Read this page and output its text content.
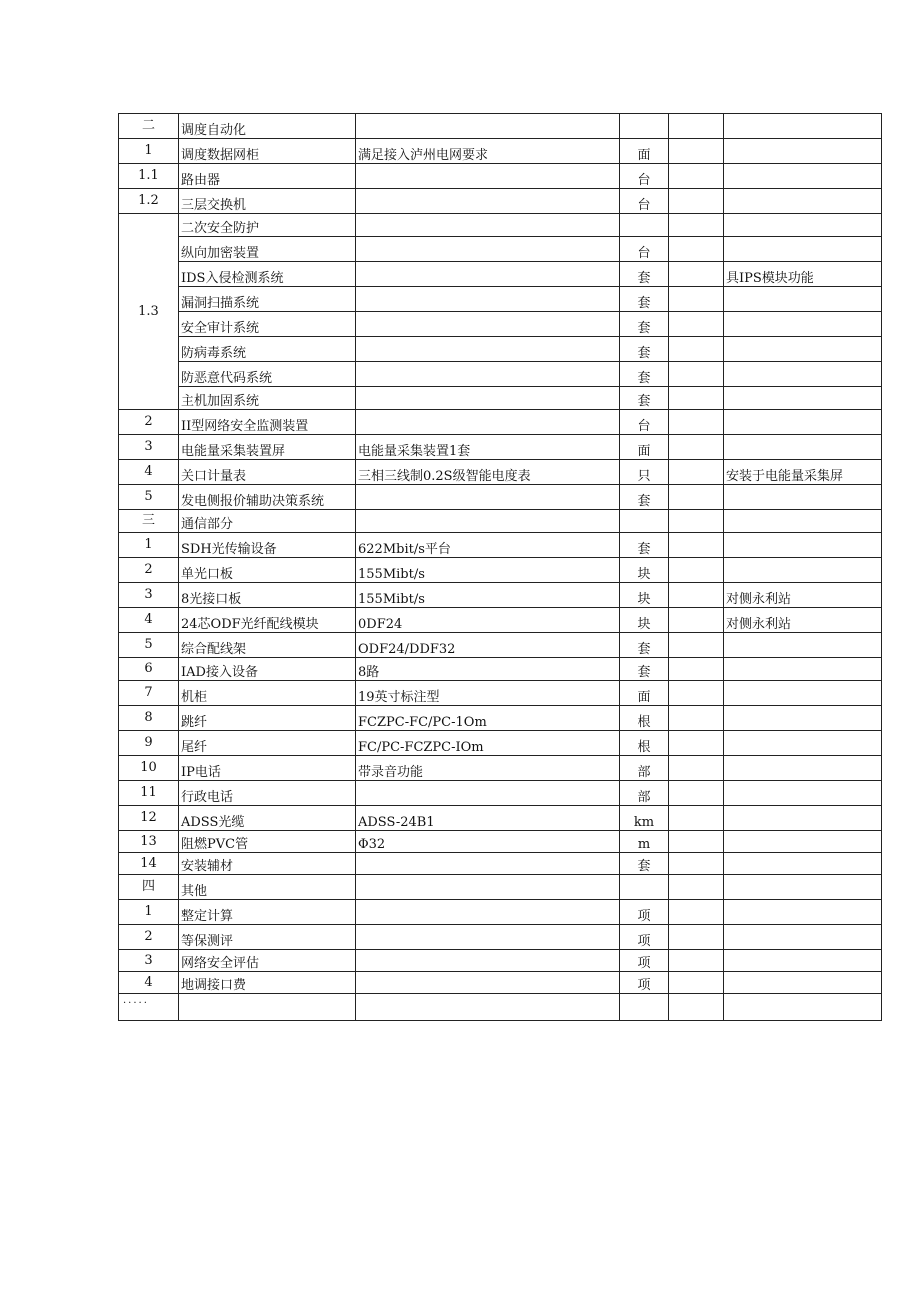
二	调度自动化				
1	调度数据网柜	满足接入泸州电网要求	面		
1.1	路由器		台		
1.2	三层交换机		台		
1.3	二次安全防护				
	纵向加密装置		台		
	IDS入侵检测系统		套		具IPS模块功能
	漏洞扫描系统		套		
	安全审计系统		套		
	防病毒系统		套		
	防恶意代码系统		套		
	主机加固系统		套		
2	II型网络安全监测装置		台		
3	电能量采集装置屏	电能量采集装置1套	面		
4	关口计量表	三相三线制0.2S级智能电度表	只		安装于电能量采集屏
5	发电侧报价辅助决策系统		套		
三	通信部分				
1	SDH光传输设备	622Mbit/s平台	套		
2	单光口板	155Mibt/s	块		
3	8光接口板	155Mibt/s	块		对侧永利站
4	24芯ODF光纤配线模块	0DF24	块		对侧永利站
5	综合配线架	ODF24/DDF32	套		
6	IAD接入设备	8路	套		
7	机柜	19英寸标注型	面		
8	跳纤	FCZPC-FC/PC-1Om	根		
9	尾纤	FC/PC-FCZPC-IOm	根		
10	IP电话	带录音功能	部		
11	行政电话		部		
12	ADSS光缆	ADSS-24B1	km		
13	阻燃PVC管	Φ32	m		
14	安装辅材		套		
四	其他				
1	整定计算		项		
2	等保测评		项		
3	网络安全评估		项		
4	地调接口费		项		
.....					
